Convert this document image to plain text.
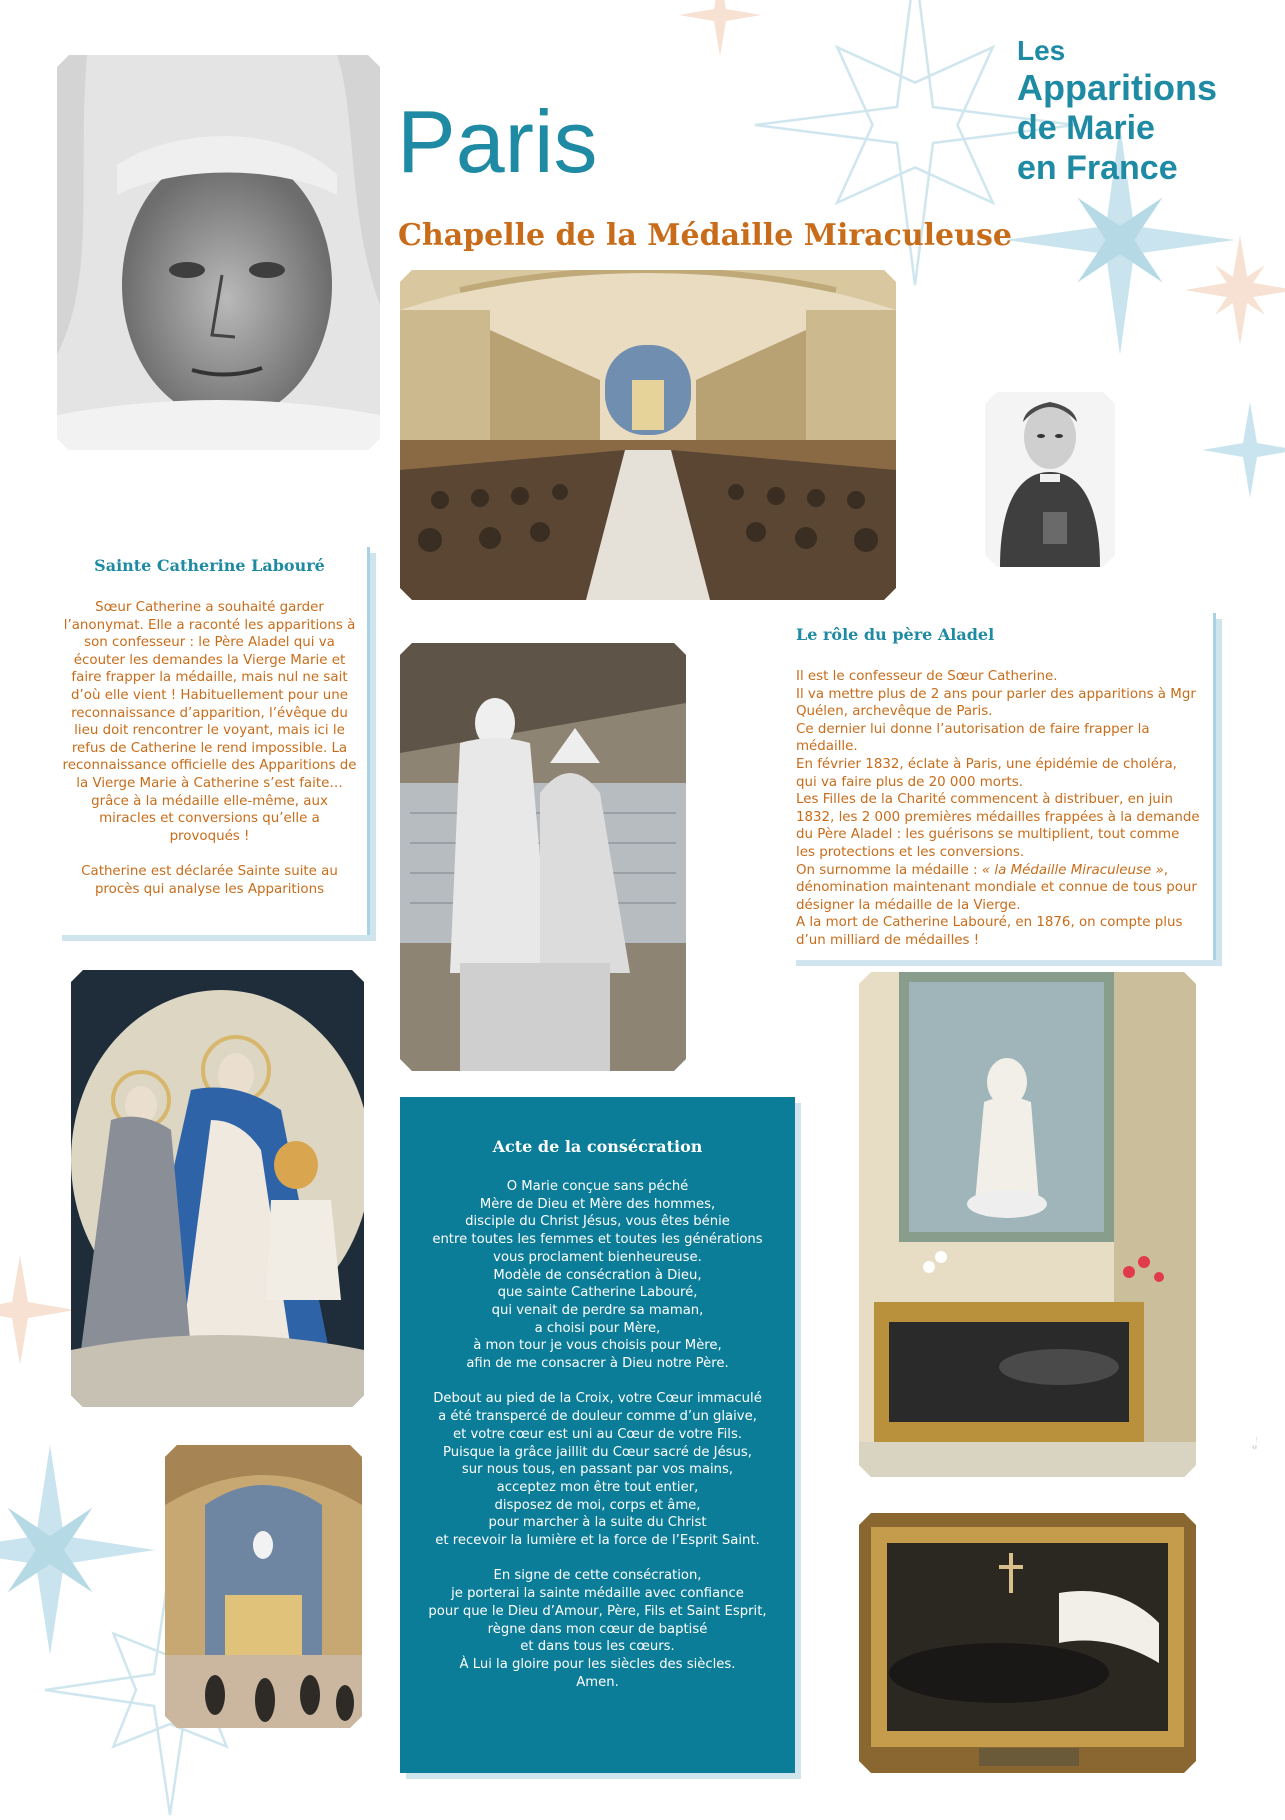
Les
Apparitions
de Marie
en France
Paris
Chapelle de la Médaille Miraculeuse
Sainte Catherine Labouré

Sœur Catherine a souhaité garder l’anonymat. Elle a raconté les apparitions à son confesseur : le Père Aladel qui va écouter les demandes la Vierge Marie et faire frapper la médaille, mais nul ne sait d’où elle vient ! Habituellement pour une reconnaissance d’apparition, l’évêque du lieu doit rencontrer le voyant, mais ici le refus de Catherine le rend impossible. La reconnaissance officielle des Apparitions de la Vierge Marie à Catherine s’est faite… grâce à la médaille elle-même, aux miracles et conversions qu’elle a provoqués !

Catherine est déclarée Sainte suite au procès qui analyse les Apparitions

Le rôle du père Aladel

Il est le confesseur de Sœur Catherine.

Il va mettre plus de 2 ans pour parler des apparitions à Mgr Quélen, archevêque de Paris.

Ce dernier lui donne l’autorisation de faire frapper la médaille.

En février 1832, éclate à Paris, une épidémie de choléra, qui va faire plus de 20 000 morts.

Les Filles de la Charité commencent à distribuer, en juin 1832, les 2 000 premières médailles frappées à la demande du Père Aladel : les guérisons se multiplient, tout comme les protections et les conversions.

On surnomme la médaille : « la Médaille Miraculeuse », dénomination maintenant mondiale et connue de tous pour désigner la médaille de la Vierge.

A la mort de Catherine Labouré, en 1876, on compte plus d’un milliard de médailles !

Acte de la consécration

O Marie conçue sans péché
Mère de Dieu et Mère des hommes,
disciple du Christ Jésus, vous êtes bénie
entre toutes les femmes et toutes les générations
vous proclament bienheureuse.
Modèle de consécration à Dieu,
que sainte Catherine Labouré,
qui venait de perdre sa maman,
a choisi pour Mère,
à mon tour je vous choisis pour Mère,
afin de me consacrer à Dieu notre Père.

Debout au pied de la Croix, votre Cœur immaculé
a été transpercé de douleur comme d’un glaive,
et votre cœur est uni au Cœur de votre Fils.
Puisque la grâce jaillit du Cœur sacré de Jésus,
sur nous tous, en passant par vos mains,
acceptez mon être tout entier,
disposez de moi, corps et âme,
pour marcher à la suite du Christ
et recevoir la lumière et la force de l’Esprit Saint.

En signe de cette consécration,
je porterai la sainte médaille avec confiance
pour que le Dieu d’Amour, Père, Fils et Saint Esprit,
règne dans mon cœur de baptisé
et dans tous les cœurs.
À Lui la gloire pour les siècles des siècles.
Amen.

© ...
